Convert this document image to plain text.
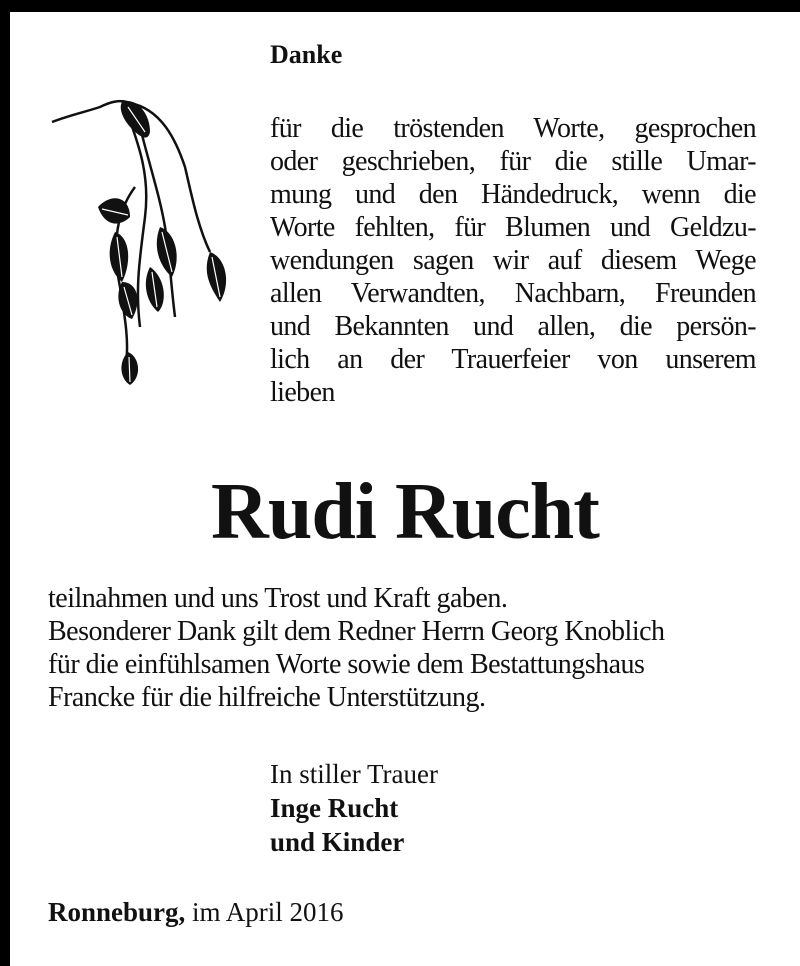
Danke
für die tröstenden Worte, gesprochen
oder geschrieben, für die stille Umar-
mung und den Händedruck, wenn die
Worte fehlten, für Blumen und Geldzu-
wendungen sagen wir auf diesem Wege
allen Verwandten, Nachbarn, Freunden
und Bekannten und allen, die persön-
lich an der Trauerfeier von unserem
lieben
Rudi Rucht
teilnahmen und uns Trost und Kraft gaben.
Besonderer Dank gilt dem Redner Herrn Georg Knoblich
für die einfühlsamen Worte sowie dem Bestattungshaus
Francke für die hilfreiche Unterstützung.
In stiller Trauer
Inge Rucht
und Kinder
Ronneburg, im April 2016
